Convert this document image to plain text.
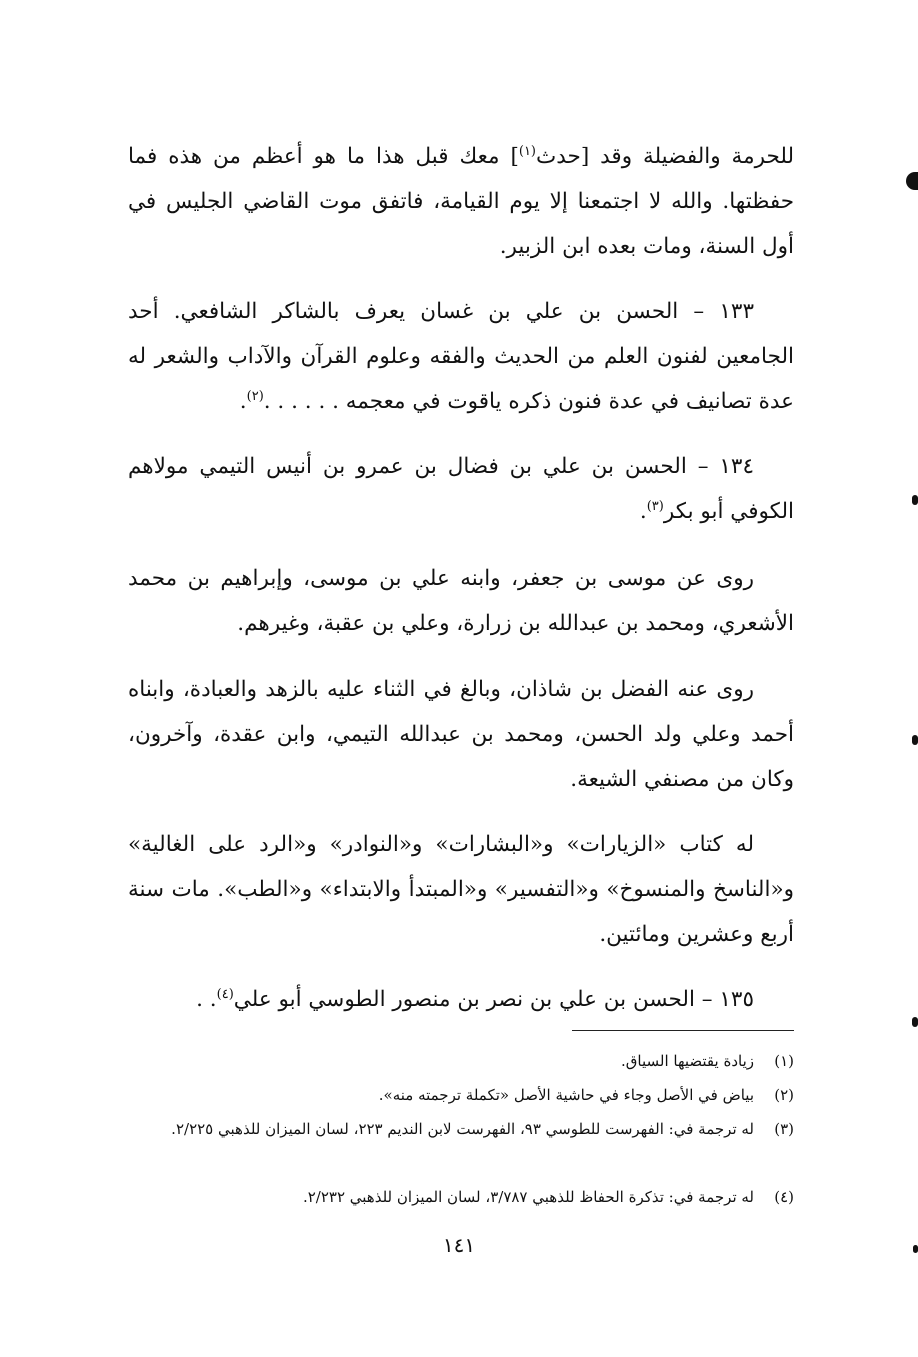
للحرمة والفضيلة وقد [حدث$^{(١)}$] معك قبل هذا ما هو أعظم من هذه فما حفظتها. والله لا اجتمعنا إلا يوم القيامة، فاتفق موت القاضي الجليس في أول السنة، ومات بعده ابن الزبير.

١٣٣ – الحسن بن علي بن غسان يعرف بالشاكر الشافعي. أحد الجامعين لفنون العلم من الحديث والفقه وعلوم القرآن والآداب والشعر له عدة تصانيف في عدة فنون ذكره ياقوت في معجمه . . . . . .$^{(٢)}$.

١٣٤ – الحسن بن علي بن فضال بن عمرو بن أنيس التيمي مولاهم الكوفي أبو بكر$^{(٣)}$.

روى عن موسى بن جعفر، وابنه علي بن موسى، وإبراهيم بن محمد الأشعري، ومحمد بن عبدالله بن زرارة، وعلي بن عقبة، وغيرهم.

روى عنه الفضل بن شاذان، وبالغ في الثناء عليه بالزهد والعبادة، وابناه أحمد وعلي ولد الحسن، ومحمد بن عبدالله التيمي، وابن عقدة، وآخرون، وكان من مصنفي الشيعة.

له كتاب «الزيارات» و«البشارات» و«النوادر» و«الرد على الغالية» و«الناسخ والمنسوخ» و«التفسير» و«المبتدأ والابتداء» و«الطب». مات سنة أربع وعشرين ومائتين.

١٣٥ – الحسن بن علي بن نصر بن منصور الطوسي أبو علي$^{(٤)}$. .

(١)
زيادة يقتضيها السياق.
(٢)
بياض في الأصل وجاء في حاشية الأصل «تكملة ترجمته منه».
(٣)
له ترجمة في: الفهرست للطوسي ٩٣، الفهرست لابن النديم ٢٢٣، لسان الميزان للذهبي ٢/٢٢٥.
(٤)
له ترجمة في: تذكرة الحفاظ للذهبي ٣/٧٨٧، لسان الميزان للذهبي ٢/٢٣٢.
١٤١
